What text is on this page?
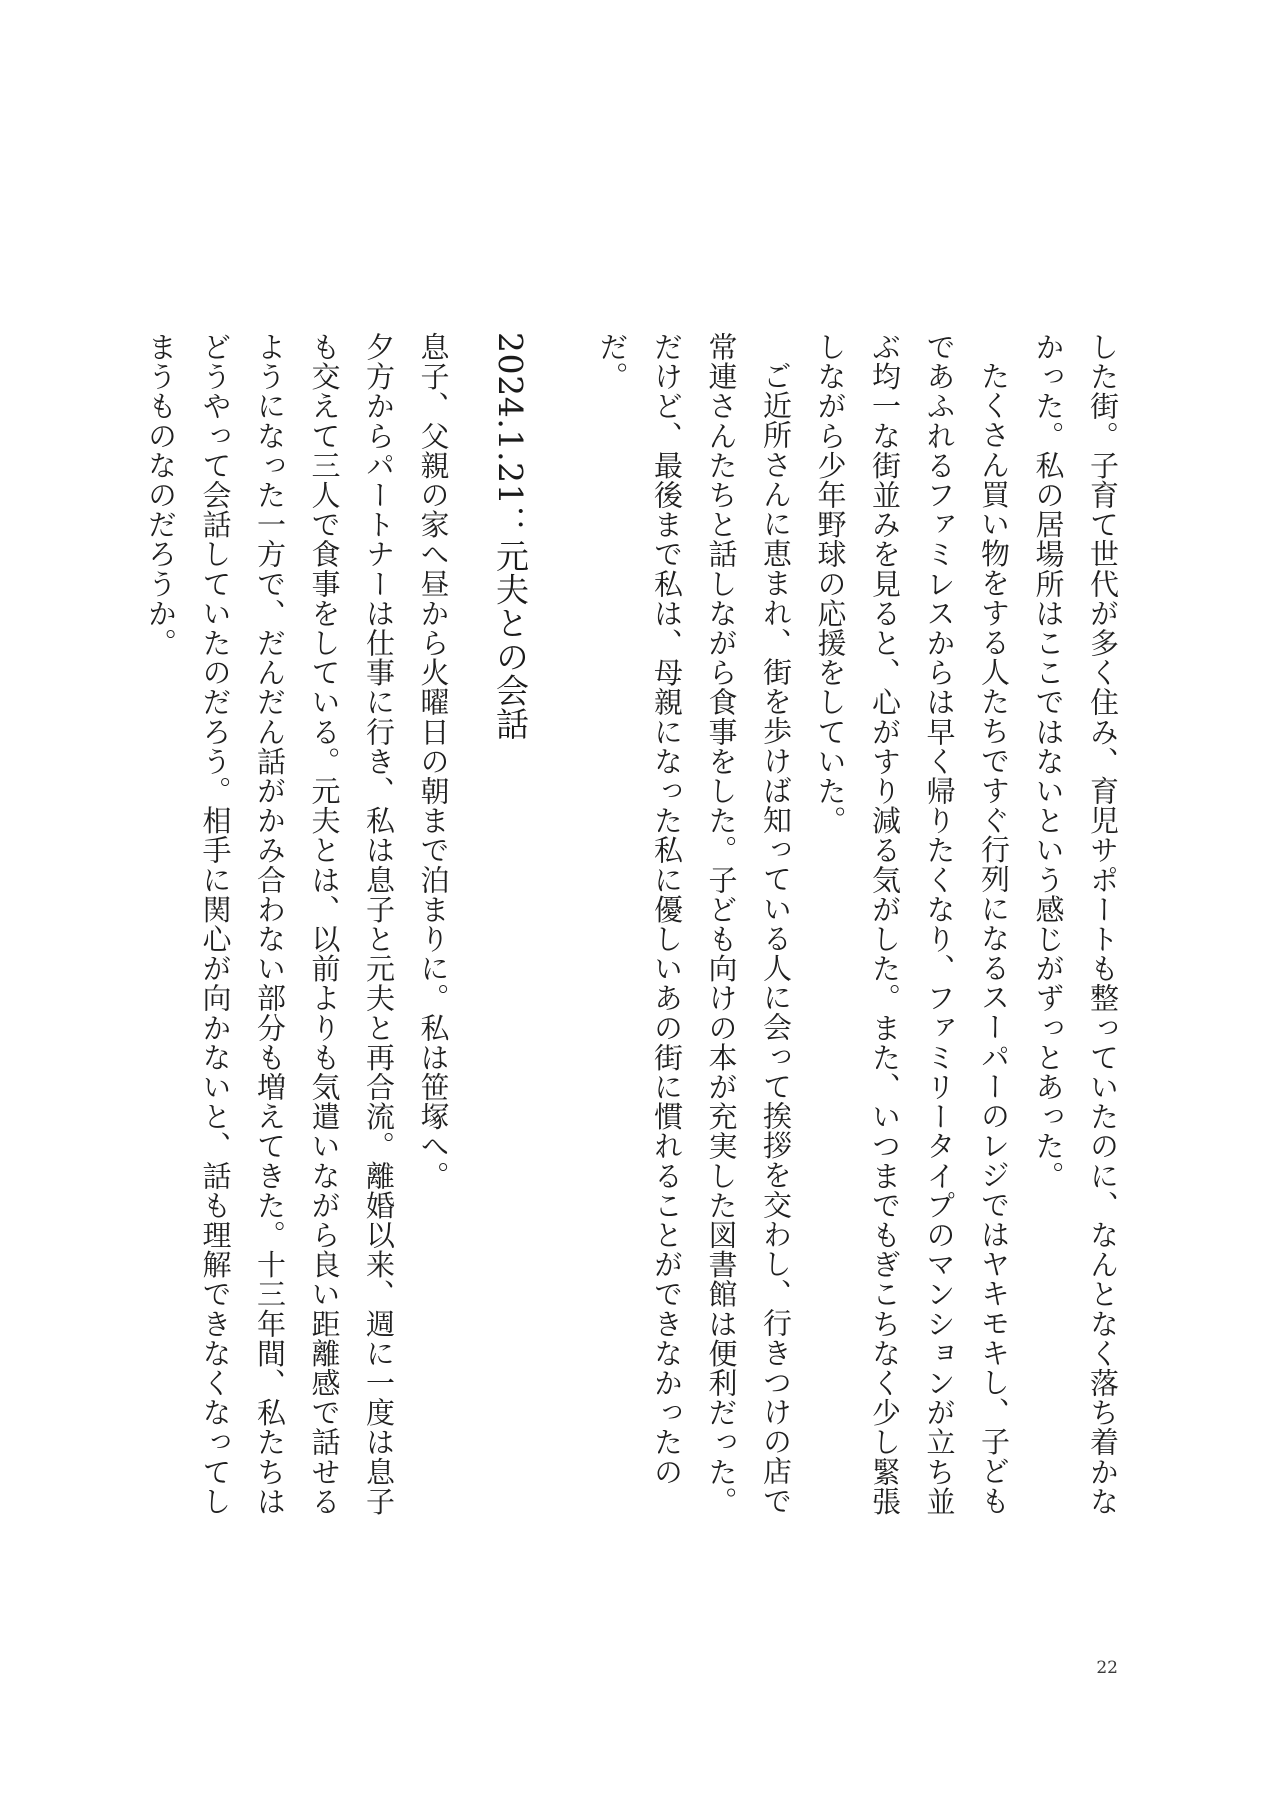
した街。子育て世代が多く住み、育児サポートも整っていたのに、なんとなく落ち着かなかった。私の居場所はここではないという感じがずっとあった。

たくさん買い物をする人たちですぐ行列になるスーパーのレジではヤキモキし、子どもであふれるファミレスからは早く帰りたくなり、ファミリータイプのマンションが立ち並ぶ均一な街並みを見ると、心がすり減る気がした。また、いつまでもぎこちなく少し緊張しながら少年野球の応援をしていた。

ご近所さんに恵まれ、街を歩けば知っている人に会って挨拶を交わし、行きつけの店で常連さんたちと話しながら食事をした。子ども向けの本が充実した図書館は便利だった。だけど、最後まで私は、母親になった私に優しいあの街に慣れることができなかったのだ。

2024.1.21：元夫との会話

息子、父親の家へ昼から火曜日の朝まで泊まりに。私は笹塚へ。

夕方からパートナーは仕事に行き、私は息子と元夫と再合流。離婚以来、週に一度は息子も交えて三人で食事をしている。元夫とは、以前よりも気遣いながら良い距離感で話せるようになった一方で、だんだん話がかみ合わない部分も増えてきた。十三年間、私たちはどうやって会話していたのだろう。相手に関心が向かないと、話も理解できなくなってしまうものなのだろうか。

22
